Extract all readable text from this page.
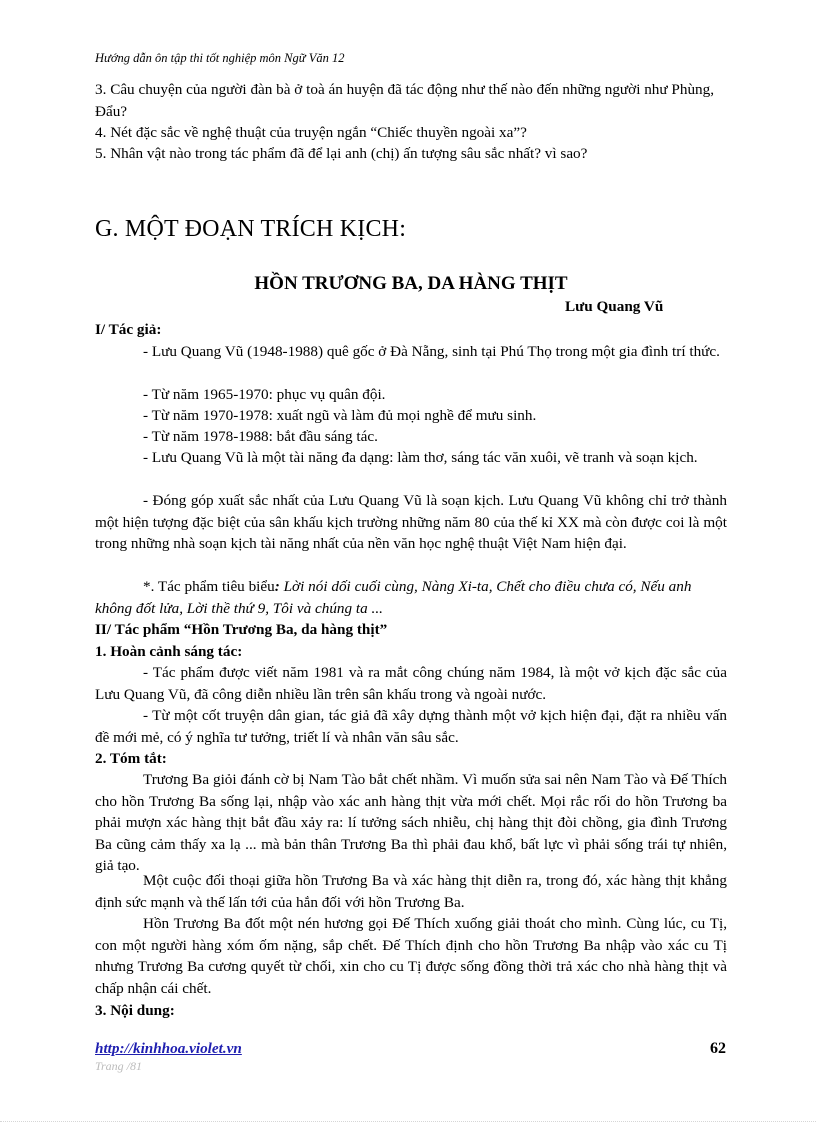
Hướng dẫn ôn tập thi tốt nghiệp môn Ngữ Văn 12
3. Câu chuyện của người đàn bà ở toà án huyện đã tác động như thế nào đến những người như Phùng, Đẩu?
4. Nét đặc sắc về nghệ thuật của truyện ngắn “Chiếc thuyền ngoài xa”?
5. Nhân vật nào trong tác phẩm đã để lại anh (chị) ấn tượng sâu sắc nhất? vì sao?
G. MỘT ĐOẠN TRÍCH KỊCH:
HỒN TRƯƠNG BA, DA HÀNG THỊT
Lưu Quang Vũ
I/ Tác giả:
- Lưu Quang Vũ (1948-1988) quê gốc ở Đà Nẵng, sinh tại Phú Thọ trong một gia đình trí thức.
- Từ năm 1965-1970: phục vụ quân đội.
- Từ năm 1970-1978: xuất ngũ và làm đủ mọi nghề để mưu sinh.
- Từ năm 1978-1988: bắt đầu sáng tác.
- Lưu Quang Vũ là một tài năng đa dạng: làm thơ, sáng tác văn xuôi, vẽ tranh và soạn kịch.
- Đóng góp xuất sắc nhất của Lưu Quang Vũ là soạn kịch. Lưu Quang Vũ không chỉ trở thành một hiện tượng đặc biệt của sân khấu kịch trường những năm 80 của thế kỉ XX mà còn được coi là một trong những nhà soạn kịch tài năng nhất của nền văn học nghệ thuật Việt Nam hiện đại.
*. Tác phẩm tiêu biểu: Lời nói dối cuối cùng, Nàng Xi-ta, Chết cho điều chưa có, Nếu anh không đốt lửa, Lời thề thứ 9, Tôi và chúng ta ...
II/ Tác phẩm “Hồn Trương Ba, da hàng thịt”
1. Hoàn cảnh sáng tác:
- Tác phẩm được viết năm 1981 và ra mắt công chúng năm 1984, là một vở kịch đặc sắc của Lưu Quang Vũ, đã công diễn nhiều lần trên sân khấu trong và ngoài nước.
- Từ một cốt truyện dân gian, tác giả đã xây dựng thành một vở kịch hiện đại, đặt ra nhiều vấn đề mới mẻ, có ý nghĩa tư tưởng, triết lí và nhân văn sâu sắc.
2. Tóm tắt:
Trương Ba giỏi đánh cờ bị Nam Tào bắt chết nhầm. Vì muốn sửa sai nên Nam Tào và Đế Thích cho hồn Trương Ba sống lại, nhập vào xác anh hàng thịt vừa mới chết. Mọi rắc rối do hồn Trương ba phải mượn xác hàng thịt bắt đầu xảy ra: lí tưởng sách nhiễu, chị hàng thịt đòi chồng, gia đình Trương Ba cũng cảm thấy xa lạ ... mà bản thân Trương Ba thì phải đau khổ, bất lực vì phải sống trái tự nhiên, giả tạo.
Một cuộc đối thoại giữa hồn Trương Ba và xác hàng thịt diễn ra, trong đó, xác hàng thịt khẳng định sức mạnh và thế lấn tới của hắn đối với hồn Trương Ba.
Hồn Trương Ba đốt một nén hương gọi Đế Thích xuống giải thoát cho mình. Cùng lúc, cu Tị, con một người hàng xóm ốm nặng, sắp chết. Đế Thích định cho hồn Trương Ba nhập vào xác cu Tị nhưng Trương Ba cương quyết từ chối, xin cho cu Tị được sống đồng thời trả xác cho nhà hàng thịt và chấp nhận cái chết.
3. Nội dung:
http://kinhhoa.violet.vn
Trang /81
62
